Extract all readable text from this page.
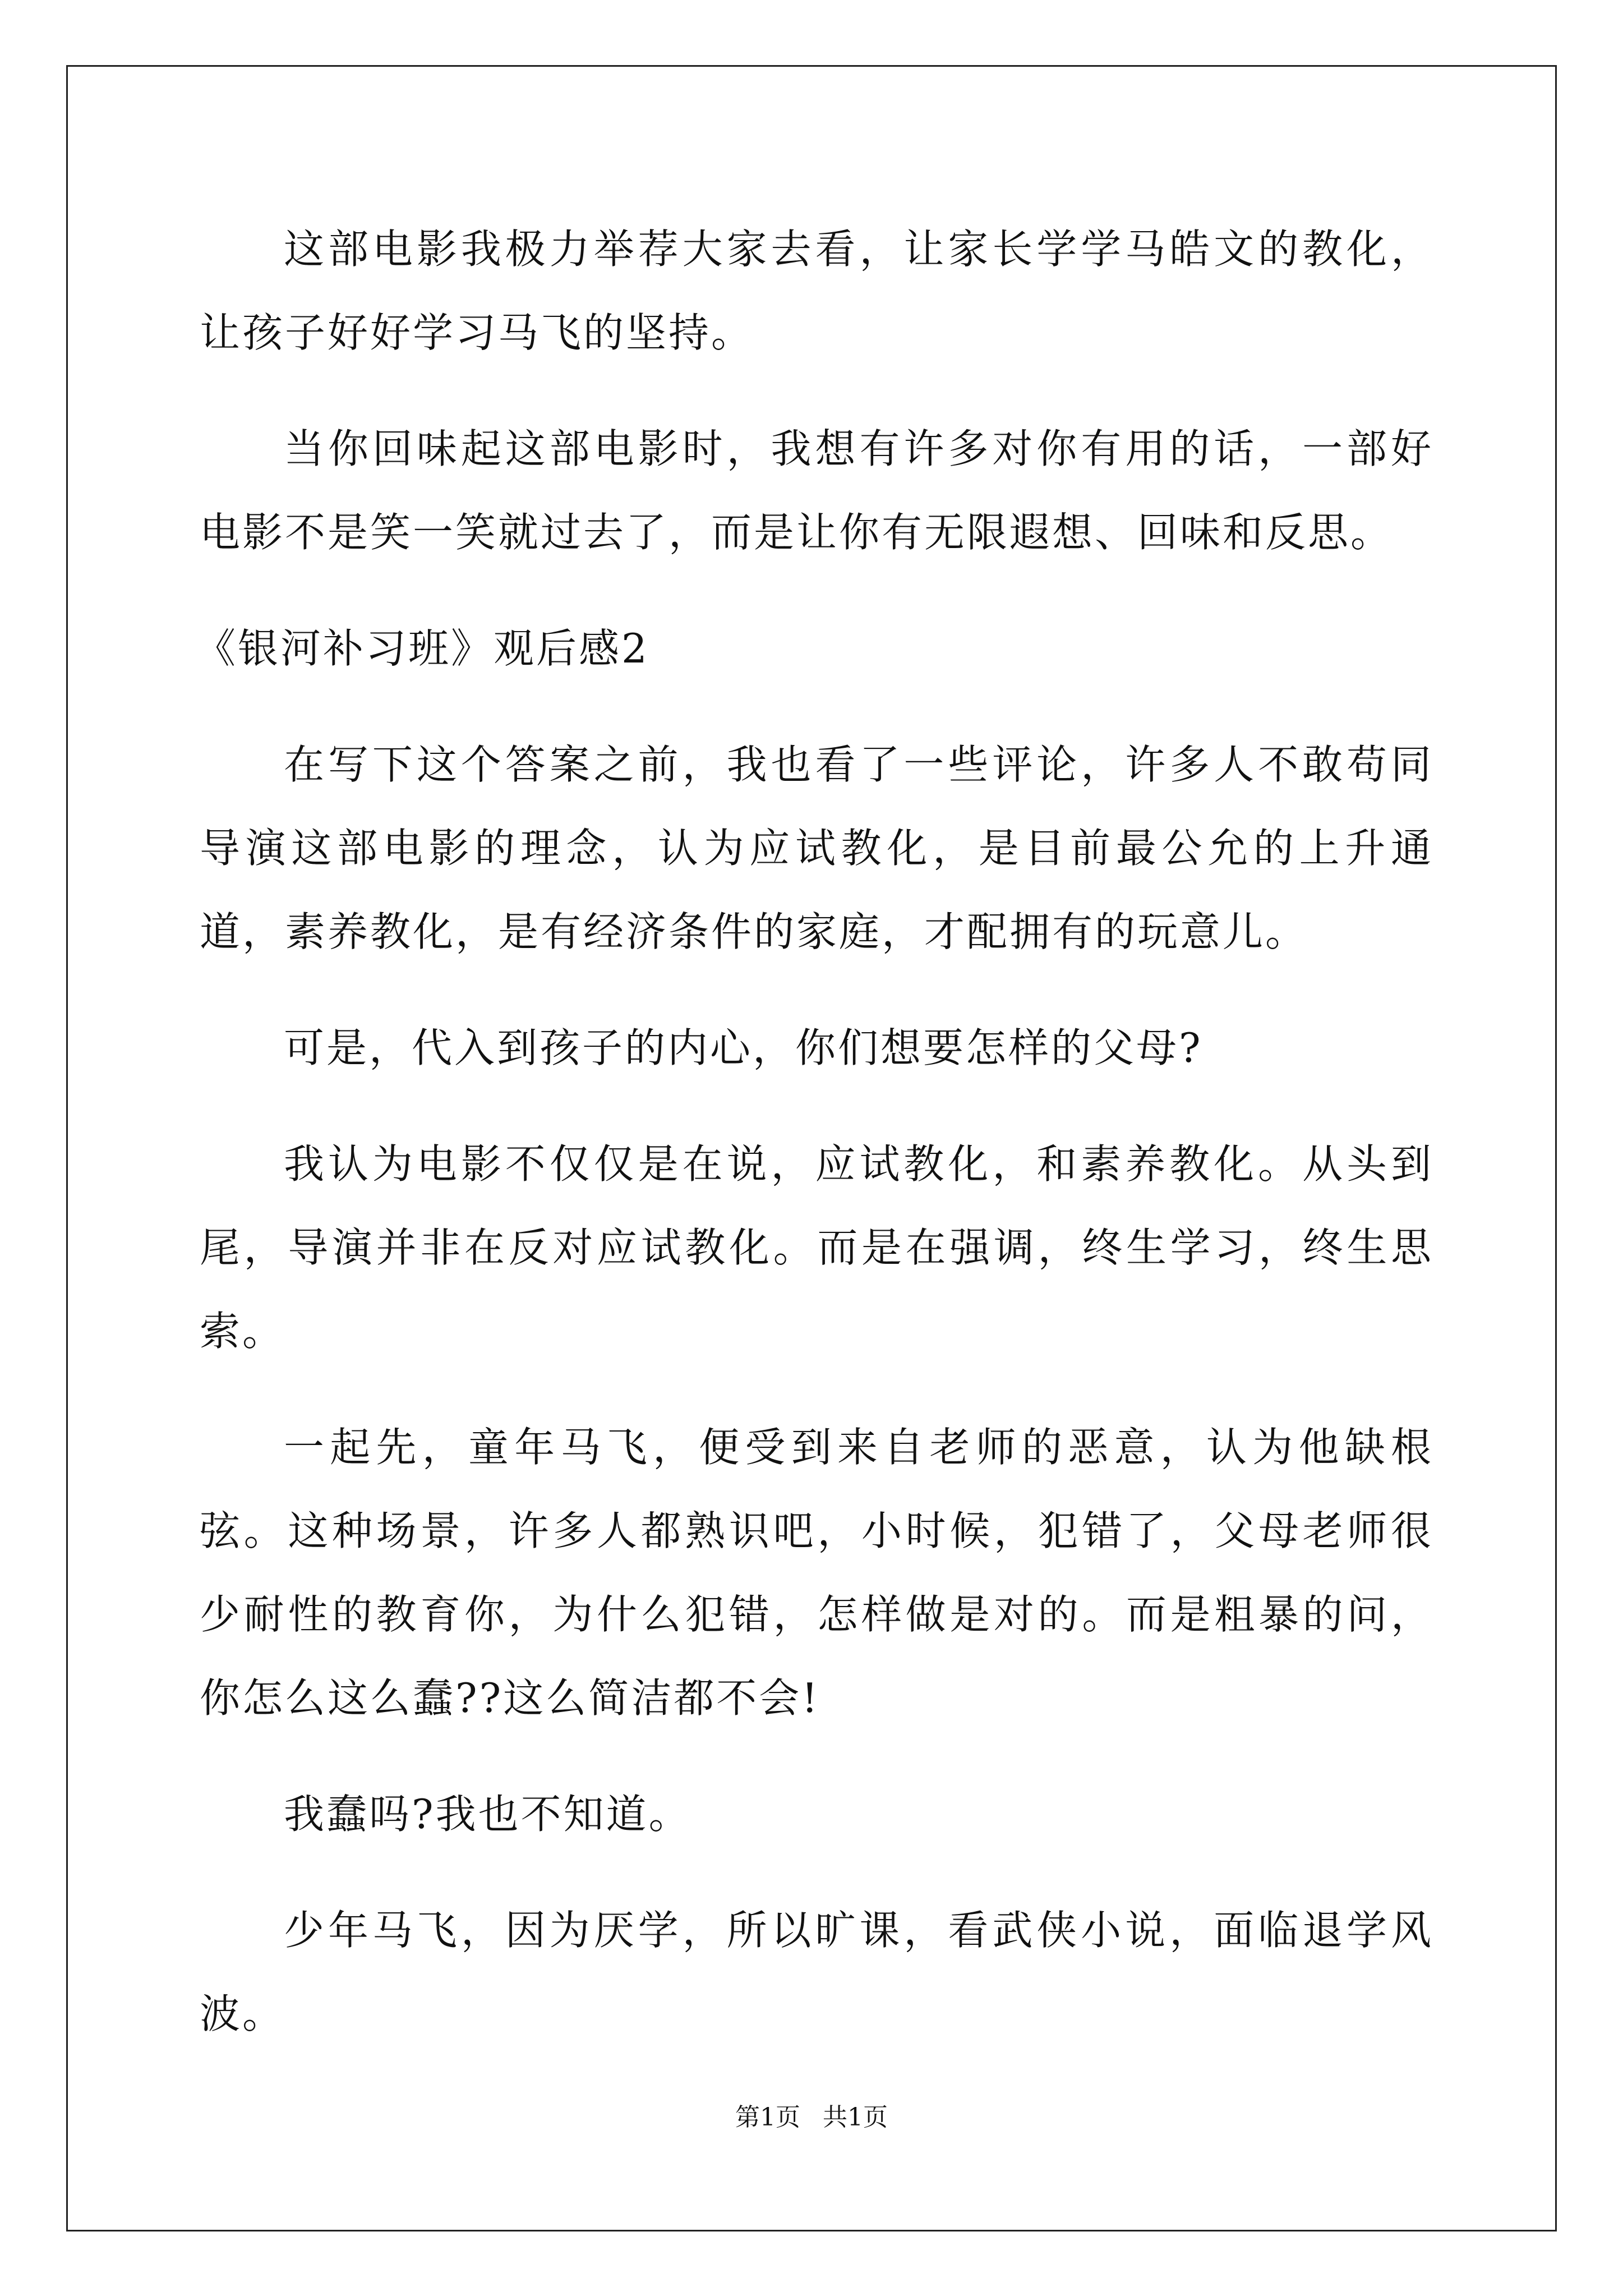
这部电影我极力举荐大家去看，让家长学学马皓文的教化，让孩子好好学习马飞的坚持。

当你回味起这部电影时，我想有许多对你有用的话，一部好电影不是笑一笑就过去了，而是让你有无限遐想、回味和反思。

《银河补习班》观后感2

在写下这个答案之前，我也看了一些评论，许多人不敢苟同导演这部电影的理念，认为应试教化，是目前最公允的上升通道，素养教化，是有经济条件的家庭，才配拥有的玩意儿。

可是，代入到孩子的内心，你们想要怎样的父母?

我认为电影不仅仅是在说，应试教化，和素养教化。从头到尾，导演并非在反对应试教化。而是在强调，终生学习，终生思索。

一起先，童年马飞，便受到来自老师的恶意，认为他缺根弦。这种场景，许多人都熟识吧，小时候，犯错了，父母老师很少耐性的教育你，为什么犯错，怎样做是对的。而是粗暴的问，你怎么这么蠢??这么简洁都不会!

我蠢吗?我也不知道。

少年马飞，因为厌学，所以旷课，看武侠小说，面临退学风波。

第1页 共1页
